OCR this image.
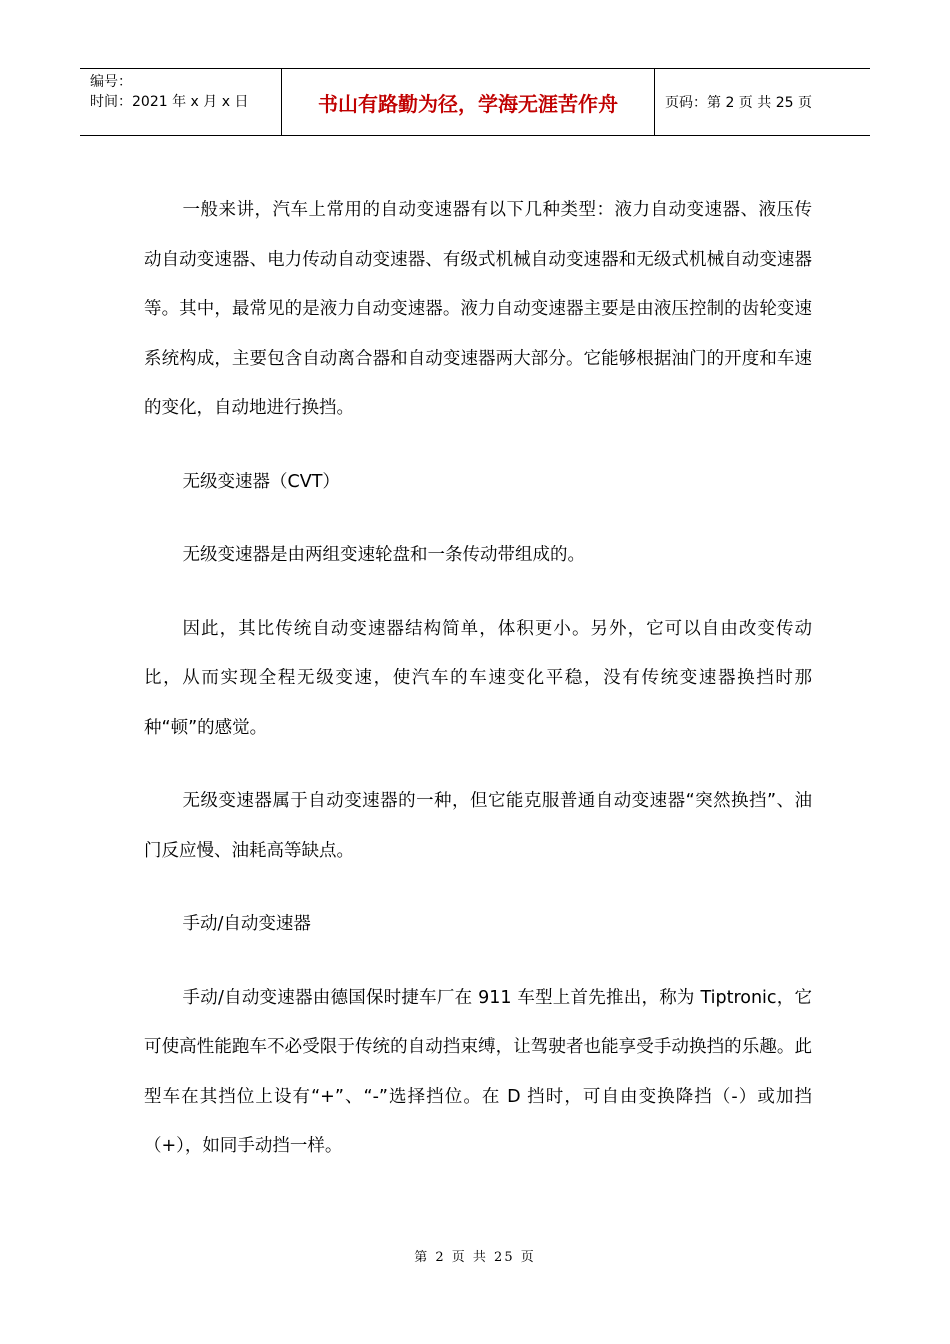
编号：
时间：2021 年 x 月 x 日	书山有路勤为径，学海无涯苦作舟	页码：第 2 页 共 25 页

一般来讲，汽车上常用的自动变速器有以下几种类型：液力自动变速器、液压传动自动变速器、电力传动自动变速器、有级式机械自动变速器和无级式机械自动变速器等。其中，最常见的是液力自动变速器。液力自动变速器主要是由液压控制的齿轮变速系统构成，主要包含自动离合器和自动变速器两大部分。它能够根据油门的开度和车速的变化，自动地进行换挡。

无级变速器（CVT）

无级变速器是由两组变速轮盘和一条传动带组成的。

因此，其比传统自动变速器结构简单，体积更小。另外，它可以自由改变传动比，从而实现全程无级变速，使汽车的车速变化平稳，没有传统变速器换挡时那种“顿”的感觉。

无级变速器属于自动变速器的一种，但它能克服普通自动变速器“突然换挡”、油门反应慢、油耗高等缺点。

手动/自动变速器

手动/自动变速器由德国保时捷车厂在 911 车型上首先推出，称为 Tiptronic，它可使高性能跑车不必受限于传统的自动挡束缚，让驾驶者也能享受手动换挡的乐趣。此型车在其挡位上设有“+”、“-”选择挡位。在 D 挡时，可自由变换降挡（-）或加挡（+），如同手动挡一样。

第 2 页 共 25 页
